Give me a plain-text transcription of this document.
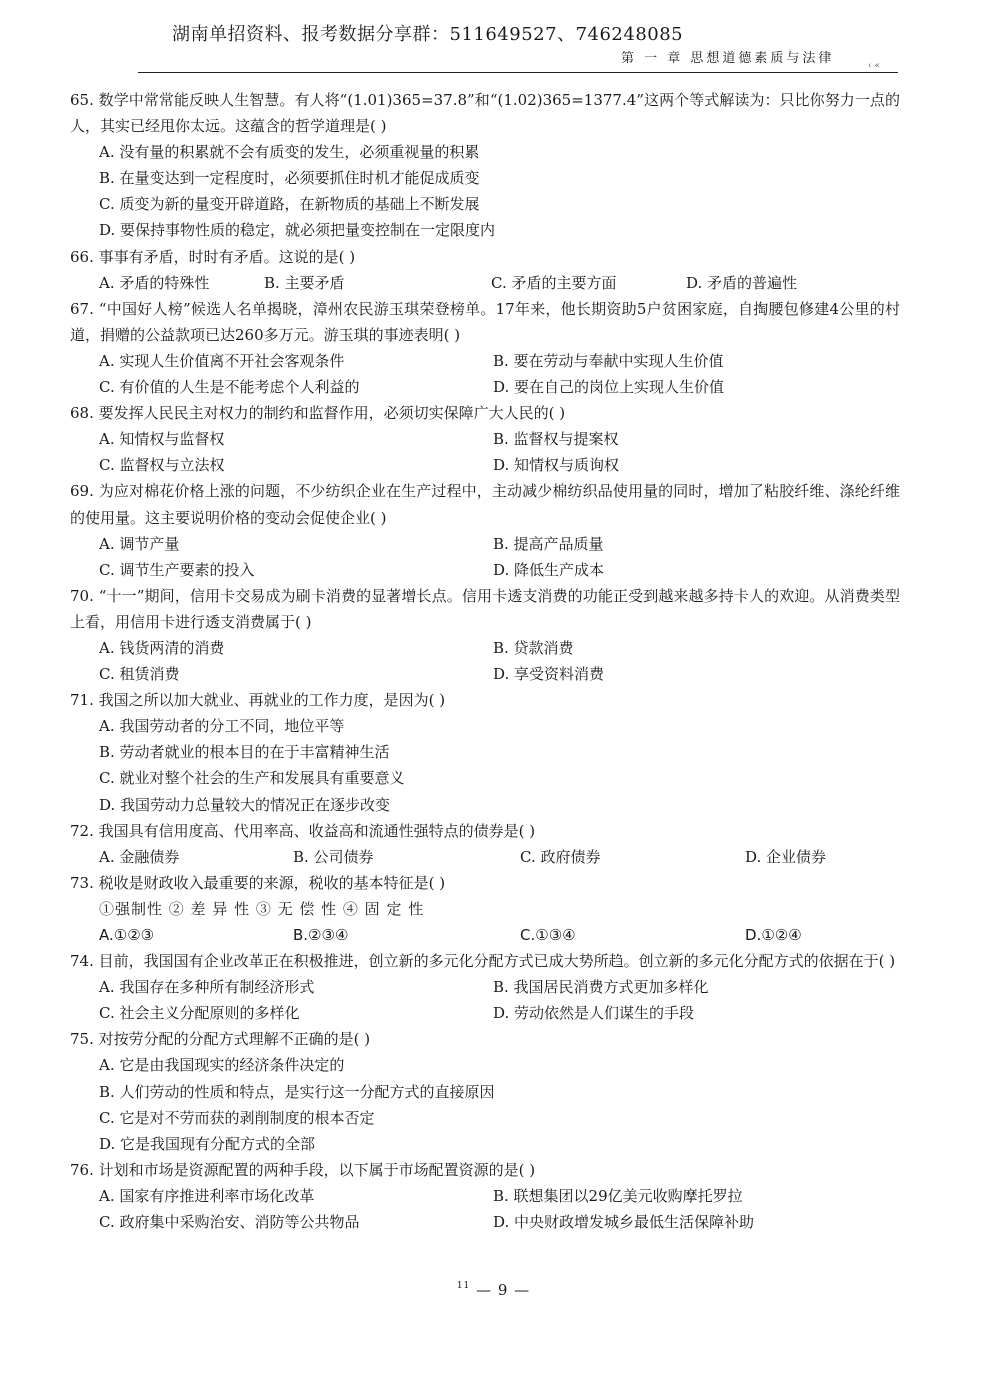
湖南单招资料、报考数据分享群：511649527、746248085
第 一 章 思想道德素质与法律	‹ «
65. 数学中常常能反映人生智慧。有人将“(1.01)365=37.8”和“(1.02)365=1377.4”这两个等式解读为：只比你努力一点的人，其实已经甩你太远。这蕴含的哲学道理是( )
A. 没有量的积累就不会有质变的发生，必须重视量的积累
B. 在量变达到一定程度时，必须要抓住时机才能促成质变
C. 质变为新的量变开辟道路，在新物质的基础上不断发展
D. 要保持事物性质的稳定，就必须把量变控制在一定限度内
66. 事事有矛盾，时时有矛盾。这说的是( )
A. 矛盾的特殊性	B. 主要矛盾	C. 矛盾的主要方面	D. 矛盾的普遍性
67. “中国好人榜”候选人名单揭晓，漳州农民游玉琪荣登榜单。17年来，他长期资助5户贫困家庭，自掏腰包修建4公里的村道，捐赠的公益款项已达260多万元。游玉琪的事迹表明( )
A. 实现人生价值离不开社会客观条件	B. 要在劳动与奉献中实现人生价值
C. 有价值的人生是不能考虑个人利益的	D. 要在自己的岗位上实现人生价值
68. 要发挥人民民主对权力的制约和监督作用，必须切实保障广大人民的( )
A. 知情权与监督权	B. 监督权与提案权
C. 监督权与立法权	D. 知情权与质询权
69. 为应对棉花价格上涨的问题，不少纺织企业在生产过程中，主动减少棉纺织品使用量的同时，增加了粘胶纤维、涤纶纤维的使用量。这主要说明价格的变动会促使企业( )
A. 调节产量	B. 提高产品质量
C. 调节生产要素的投入	D. 降低生产成本
70. “十一”期间，信用卡交易成为刷卡消费的显著增长点。信用卡透支消费的功能正受到越来越多持卡人的欢迎。从消费类型上看，用信用卡进行透支消费属于( )
A. 钱货两清的消费	B. 贷款消费
C. 租赁消费	D. 享受资料消费
71. 我国之所以加大就业、再就业的工作力度，是因为( )
A. 我国劳动者的分工不同，地位平等
B. 劳动者就业的根本目的在于丰富精神生活
C. 就业对整个社会的生产和发展具有重要意义
D. 我国劳动力总量较大的情况正在逐步改变
72. 我国具有信用度高、代用率高、收益高和流通性强特点的债券是( )
A. 金融债券	B. 公司债券	C. 政府债券	D. 企业债券
73. 税收是财政收入最重要的来源，税收的基本特征是( )
①强制性 ② 差 异 性 ③ 无 偿 性 ④ 固 定 性
A.①②③	B.②③④	C.①③④	D.①②④
74. 目前，我国国有企业改革正在积极推进，创立新的多元化分配方式已成大势所趋。创立新的多元化分配方式的依据在于( )
A. 我国存在多种所有制经济形式	B. 我国居民消费方式更加多样化
C. 社会主义分配原则的多样化	D. 劳动依然是人们谋生的手段
75. 对按劳分配的分配方式理解不正确的是( )
A. 它是由我国现实的经济条件决定的
B. 人们劳动的性质和特点，是实行这一分配方式的直接原因
C. 它是对不劳而获的剥削制度的根本否定
D. 它是我国现有分配方式的全部
76. 计划和市场是资源配置的两种手段，以下属于市场配置资源的是( )
A. 国家有序推进利率市场化改革	B. 联想集团以29亿美元收购摩托罗拉
C. 政府集中采购治安、消防等公共物品	D. 中央财政增发城乡最低生活保障补助
$^{11}$ — 9 —
